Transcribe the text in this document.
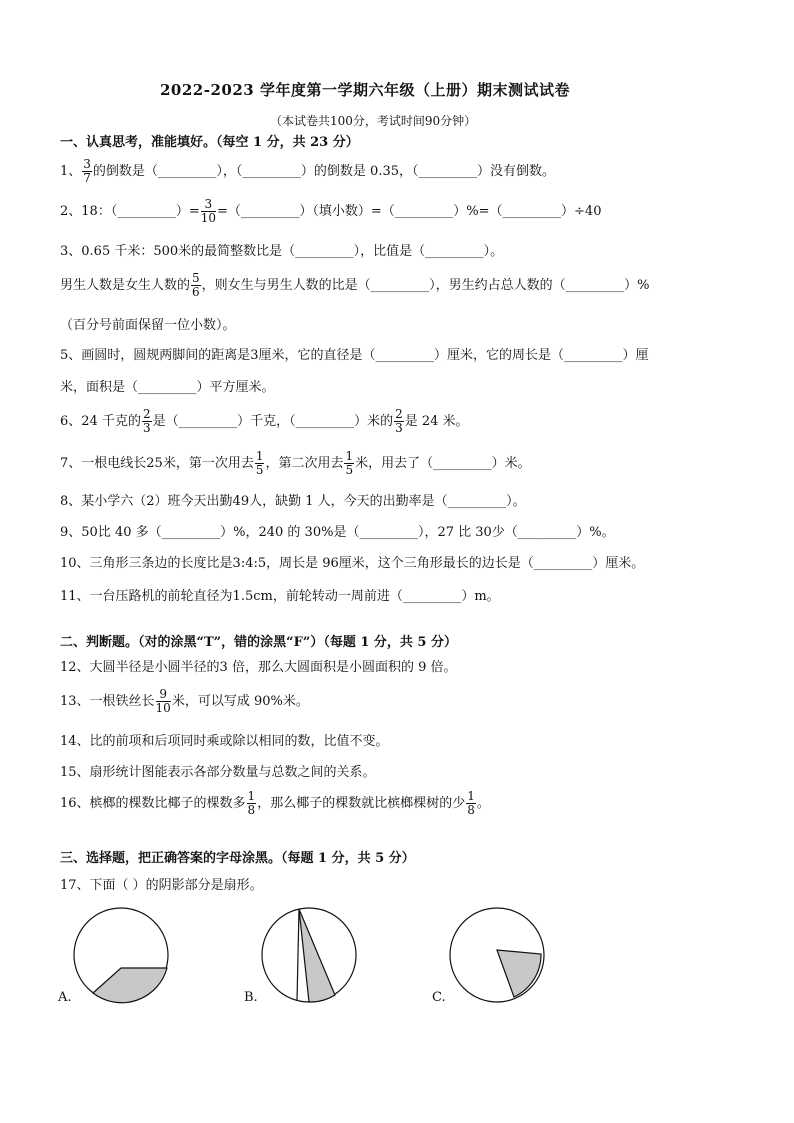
2022-2023 学年度第一学期六年级（上册）期末测试试卷
（本试卷共100分，考试时间90分钟）
一、认真思考，准能填好。（每空 1 分，共 23 分）
1、 $\frac{3}{7}$ 的倒数是（_________），（_________）的倒数是 0.35，（_________）没有倒数。
2、18：（_________）= $\frac{3}{10}$ =（_________）（填小数）=（_________）%=（_________）÷40
3、0.65 千米：500米的最简整数比是（_________），比值是（_________）。
男生人数是女生人数的 $\frac{5}{6}$ ，则女生与男生人数的比是（_________），男生约占总人数的（_________）%
（百分号前面保留一位小数）。
5、画圆时，圆规两脚间的距离是3厘米，它的直径是（_________）厘米，它的周长是（_________）厘
米，面积是（_________）平方厘米。
6、24 千克的 $\frac{2}{3}$ 是（_________）千克，（_________）米的 $\frac{2}{3}$ 是 24 米。
7、一根电线长25米，第一次用去 $\frac{1}{5}$ ，第二次用去 $\frac{1}{5}$ 米，用去了（_________）米。
8、某小学六（2）班今天出勤49人，缺勤 1 人，今天的出勤率是（_________）。
9、50比 40 多（_________）%，240 的 30%是（_________），27 比 30少（_________）%。
10、三角形三条边的长度比是3:4:5，周长是 96厘米，这个三角形最长的边长是（_________）厘米。
11、一台压路机的前轮直径为1.5cm，前轮转动一周前进（_________）m。
二、判断题。（对的涂黑“T”，错的涂黑“F”）（每题 1 分，共 5 分）
12、大圆半径是小圆半径的3 倍，那么大圆面积是小圆面积的 9 倍。
13、一根铁丝长 $\frac{9}{10}$ 米，可以写成 90%米。
14、比的前项和后项同时乘或除以相同的数，比值不变。
15、扇形统计图能表示各部分数量与总数之间的关系。
16、槟榔的棵数比椰子的棵数多 $\frac{1}{8}$ ，那么椰子的棵数就比槟榔棵树的少 $\frac{1}{8}$ 。
三、选择题，把正确答案的字母涂黑。（每题 1 分，共 5 分）
17、下面（ ）的阴影部分是扇形。
A.	B.	C.
